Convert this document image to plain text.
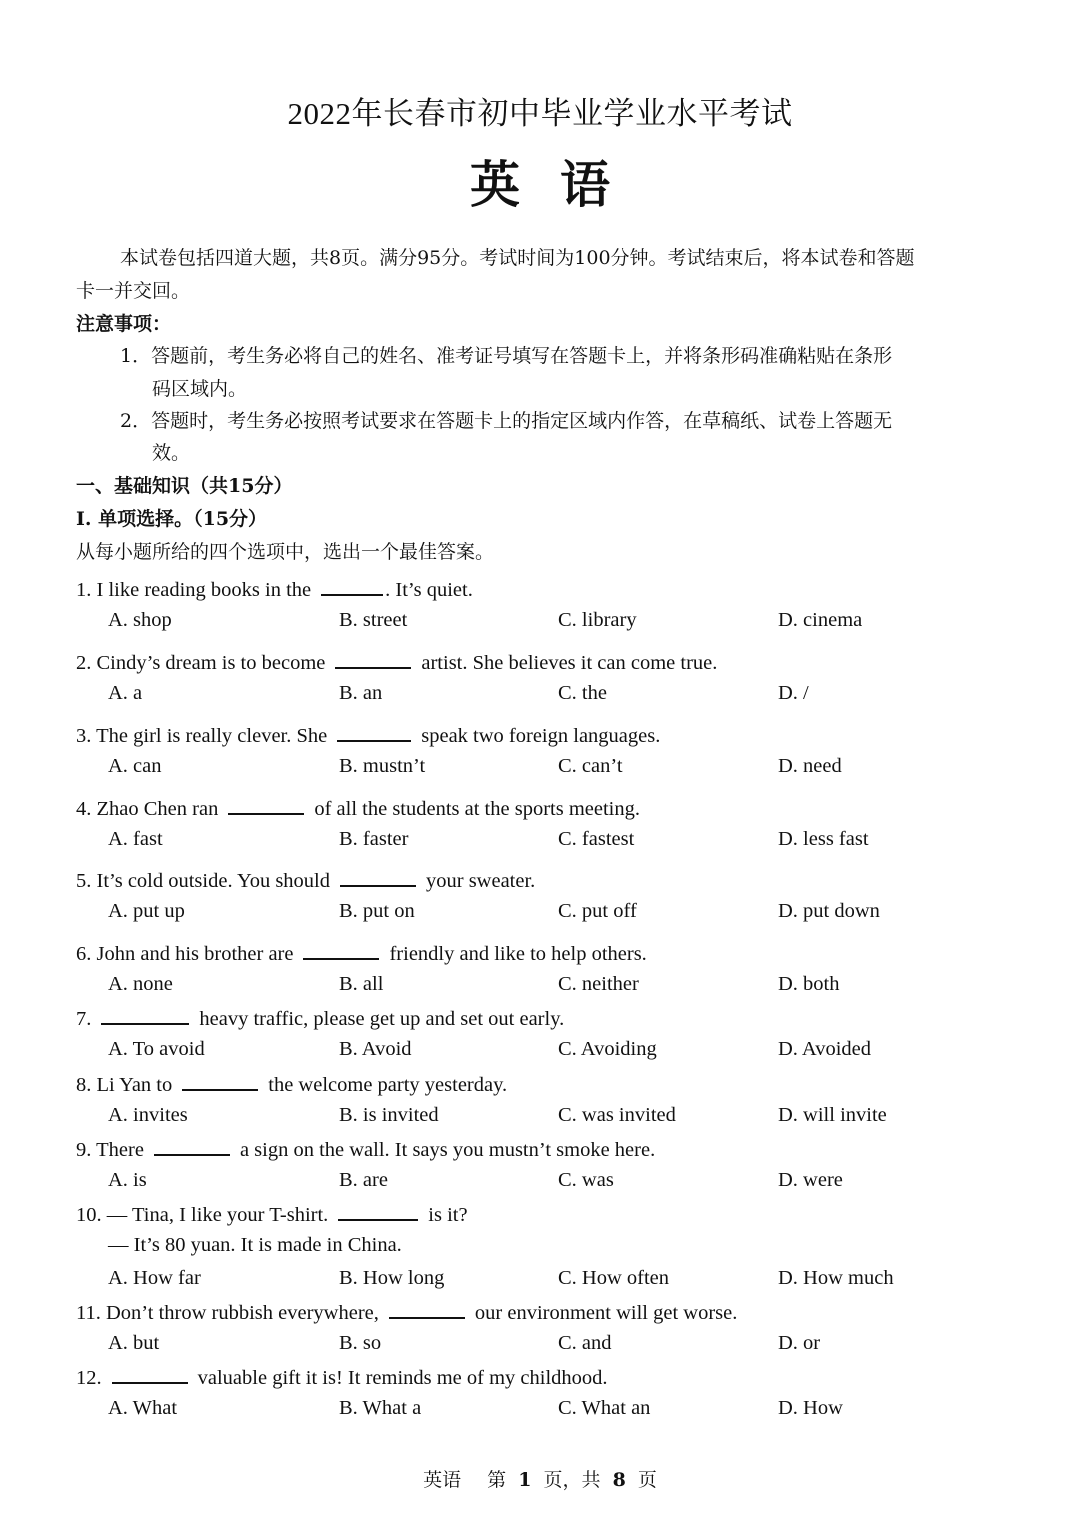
2022年长春市初中毕业学业水平考试
英语
本试卷包括四道大题，共8页。满分95分。考试时间为100分钟。考试结束后，将本试卷和答题
卡一并交回。
注意事项：
1．答题前，考生务必将自己的姓名、准考证号填写在答题卡上，并将条形码准确粘贴在条形
码区域内。
2．答题时，考生务必按照考试要求在答题卡上的指定区域内作答，在草稿纸、试卷上答题无
效。
一、基础知识（共15分）
I. 单项选择。（15分）
从每小题所给的四个选项中，选出一个最佳答案。
1. I like reading books in the	. It’s quiet.
A. shop	B. street	C. library	D. cinema
2. Cindy’s dream is to become	artist. She believes it can come true.
A. a	B. an	C. the	D. /
3. The girl is really clever. She	speak two foreign languages.
A. can	B. mustn’t	C. can’t	D. need
4. Zhao Chen ran	of all the students at the sports meeting.
A. fast	B. faster	C. fastest	D. less fast
5. It’s cold outside. You should	your sweater.
A. put up	B. put on	C. put off	D. put down
6. John and his brother are	friendly and like to help others.
A. none	B. all	C. neither	D. both
7.	heavy traffic, please get up and set out early.
A. To avoid	B. Avoid	C. Avoiding	D. Avoided
8. Li Yan to	the welcome party yesterday.
A. invites	B. is invited	C. was invited	D. will invite
9. There	a sign on the wall. It says you mustn’t smoke here.
A. is	B. are	C. was	D. were
10. — Tina, I like your T-shirt.	is it?
— It’s 80 yuan. It is made in China.
A. How far	B. How long	C. How often	D. How much
11. Don’t throw rubbish everywhere,	our environment will get worse.
A. but	B. so	C. and	D. or
12.	valuable gift it is! It reminds me of my childhood.
A. What	B. What a	C. What an	D. How
英语 第 1 页，共 8 页
